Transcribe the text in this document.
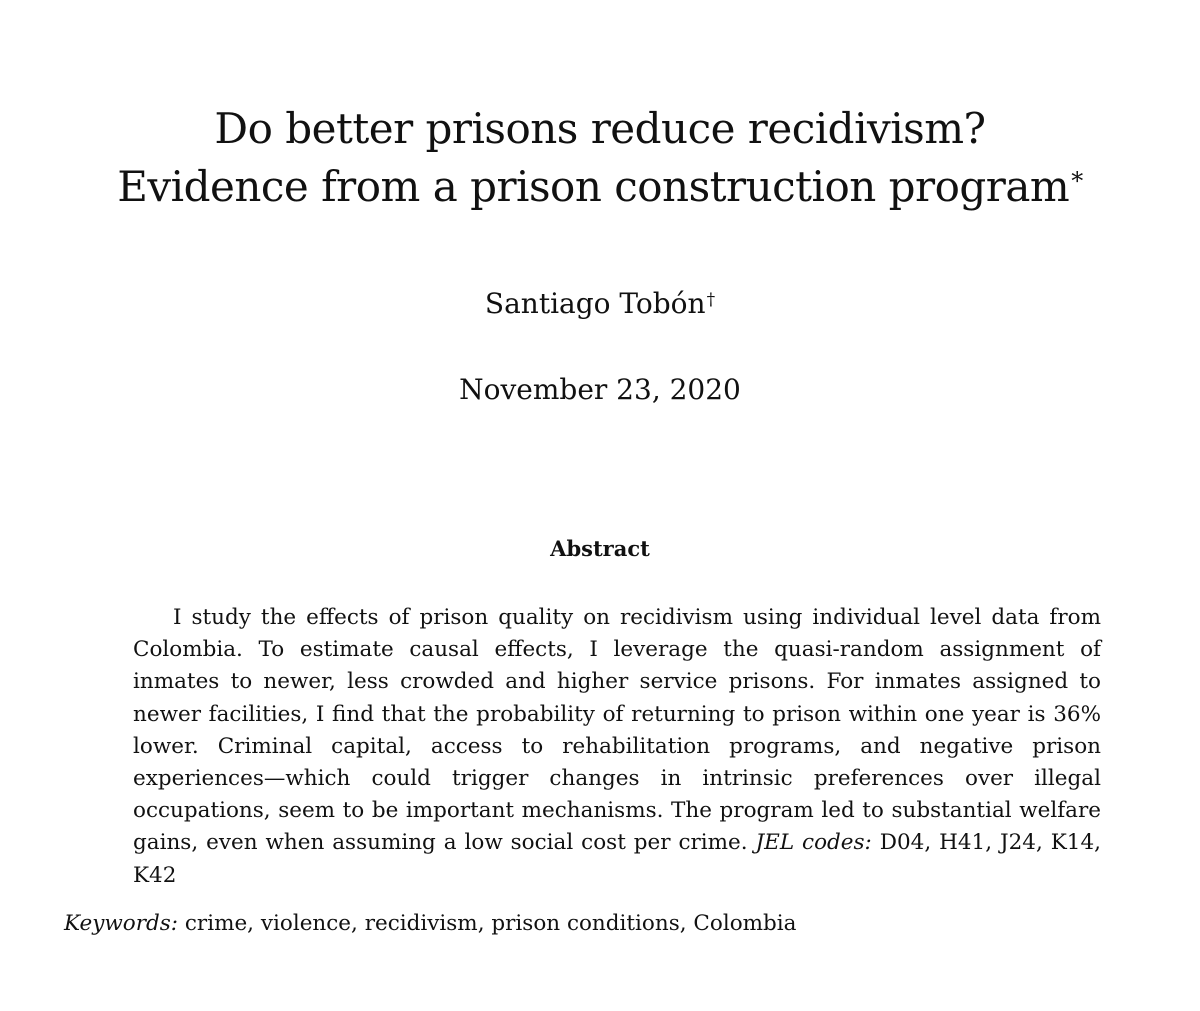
Do better prisons reduce recidivism?
Evidence from a prison construction program*
Santiago Tobón†
November 23, 2020
Abstract

I study the effects of prison quality on recidivism using individual level data from Colombia. To estimate causal effects, I leverage the quasi-random assignment of inmates to newer, less crowded and higher service prisons. For inmates assigned to newer facilities, I find that the probability of returning to prison within one year is 36% lower. Criminal capital, access to rehabilitation programs, and negative prison experiences—which could trigger changes in intrinsic preferences over illegal occupations, seem to be important mechanisms. The program led to substantial welfare gains, even when assuming a low social cost per crime. JEL codes: D04, H41, J24, K14, K42

Keywords: crime, violence, recidivism, prison conditions, Colombia
